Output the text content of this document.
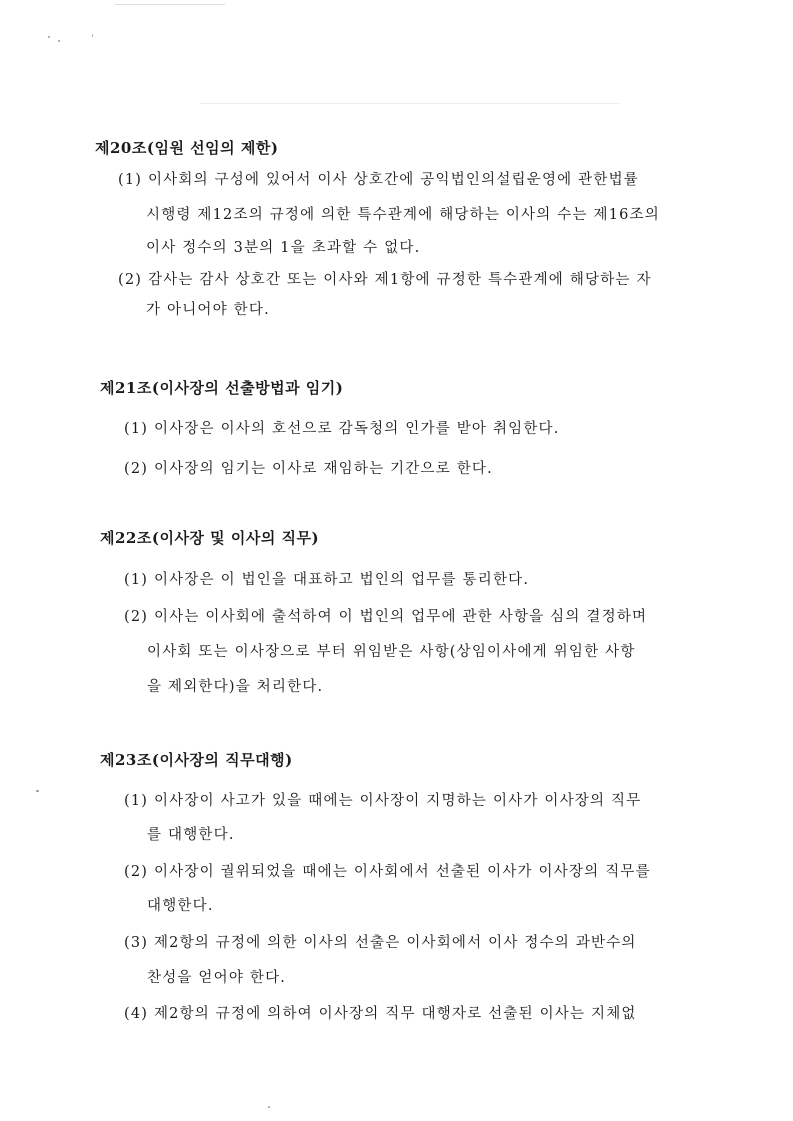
제20조(임원 선임의 제한)

(1) 이사회의 구성에 있어서 이사 상호간에 공익법인의설립운영에 관한법률

시행령 제12조의 규정에 의한 특수관계에 해당하는 이사의 수는 제16조의

이사 정수의 3분의 1을 초과할 수 없다.

(2) 감사는 감사 상호간 또는 이사와 제1항에 규정한 특수관계에 해당하는 자

가 아니어야 한다.

제21조(이사장의 선출방법과 임기)

(1) 이사장은 이사의 호선으로 감독청의 인가를 받아 취임한다.

(2) 이사장의 임기는 이사로 재임하는 기간으로 한다.

제22조(이사장 및 이사의 직무)

(1) 이사장은 이 법인을 대표하고 법인의 업무를 통리한다.

(2) 이사는 이사회에 출석하여 이 법인의 업무에 관한 사항을 심의 결정하며

이사회 또는 이사장으로 부터 위임받은 사항(상임이사에게 위임한 사항

을 제외한다)을 처리한다.

제23조(이사장의 직무대행)

(1) 이사장이 사고가 있을 때에는 이사장이 지명하는 이사가 이사장의 직무

를 대행한다.

(2) 이사장이 궐위되었을 때에는 이사회에서 선출된 이사가 이사장의 직무를

대행한다.

(3) 제2항의 규정에 의한 이사의 선출은 이사회에서 이사 정수의 과반수의

찬성을 얻어야 한다.

(4) 제2항의 규정에 의하여 이사장의 직무 대행자로 선출된 이사는 지체없
